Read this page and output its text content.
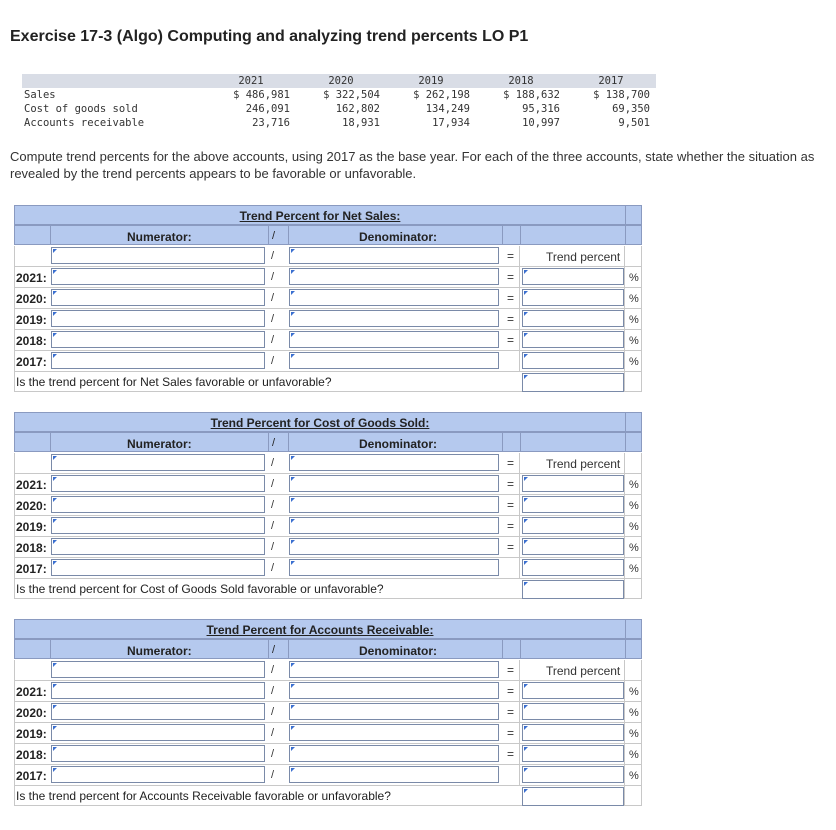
Exercise 17-3 (Algo) Computing and analyzing trend percents LO P1
	2021	2020	2019	2018	2017
Sales	$ 486,981	$ 322,504	$ 262,198	$ 188,632	$ 138,700
Cost of goods sold	246,091	162,802	134,249	95,316	69,350
Accounts receivable	23,716	18,931	17,934	10,997	9,501
Compute trend percents for the above accounts, using 2017 as the base year. For each of the three accounts, state whether the situation as revealed by the trend percents appears to be favorable or unfavorable.
Trend Percent for Net Sales:
Numerator:	/	Denominator:
/	=	Trend percent
2021:	/	=	%
2020:	/	=	%
2019:	/	=	%
2018:	/	=	%
2017:	/	%
Is the trend percent for Net Sales favorable or unfavorable?
Trend Percent for Cost of Goods Sold:
Numerator:	/	Denominator:
/	=	Trend percent
2021:	/	=	%
2020:	/	=	%
2019:	/	=	%
2018:	/	=	%
2017:	/	%
Is the trend percent for Cost of Goods Sold favorable or unfavorable?
Trend Percent for Accounts Receivable:
Numerator:	/	Denominator:
/	=	Trend percent
2021:	/	=	%
2020:	/	=	%
2019:	/	=	%
2018:	/	=	%
2017:	/	%
Is the trend percent for Accounts Receivable favorable or unfavorable?
